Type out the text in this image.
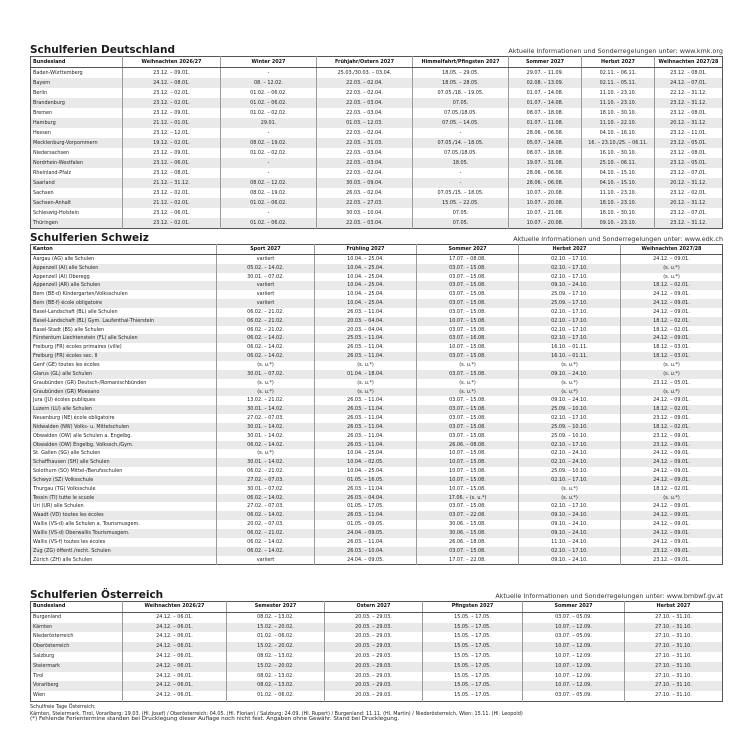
Schulferien Deutschland	Aktuelle Informationen und Sonderregelungen unter: www.kmk.org
Bundesland	Weihnachten 2026/27	Winter 2027	Frühjahr/Ostern 2027	Himmelfahrt/Pfingsten 2027	Sommer 2027	Herbst 2027	Weihnachten 2027/28
Baden-Württemberg	23.12. – 09.01.	-	25.03./30.03. – 03.04.	18.05. – 29.05.	29.07. – 11.09.	02.11. – 06.11.	23.12. – 08.01.
Bayern	24.12. – 08.01.	08. – 12.02.	22.03. – 02.04.	18.05. – 28.05.	02.08. – 13.09.	02.11. – 05.11.	24.12. – 07.01.
Berlin	23.12. – 02.01.	01.02. – 06.02.	22.03. – 02.04.	07.05./18. – 19.05.	01.07. – 14.08.	11.10. – 23.10.	22.12. – 31.12.
Brandenburg	23.12. – 02.01.	01.02. – 06.02.	22.03. – 03.04.	07.05.	01.07. – 14.08.	11.10. – 23.10.	23.12. – 31.12.
Bremen	23.12. – 09.01.	01.02. – 02.02.	22.03. – 03.04.	07.05./18.05.	08.07. – 18.08.	18.10. – 30.10.	23.12. – 08.01.
Hamburg	21.12. – 01.01.	29.01.	01.03. – 12.03.	07.05. – 14.05.	01.07. – 11.08.	11.10. – 22.10.	20.12. – 31.12.
Hessen	23.12. – 12.01.	-	22.03. – 02.04.	-	28.06. – 06.08.	04.10. – 16.10.	23.12. – 11.01.
Mecklenburg-Vorpommern	19.12. – 02.01.	08.02. – 19.02.	22.03. – 31.03.	07.05./14. – 18.05.	05.07. – 14.08.	16. – 23.10./25. – 06.11.	23.12. – 05.01.
Niedersachsen	23.12. – 09.01.	01.02. – 02.02.	22.03. – 03.04.	07.05./18.05.	08.07. – 18.08.	16.10. – 30.10.	23.12. – 08.01.
Nordrhein-Westfalen	23.12. – 06.01.	-	22.03. – 03.04.	18.05.	19.07. – 31.08.	25.10. – 06.11.	23.12. – 05.01.
Rheinland-Pfalz	23.12. – 08.01.	-	22.03. – 02.04.	-	28.06. – 06.08.	04.10. – 15.10.	23.12. – 07.01.
Saarland	21.12. – 31.12.	08.02. – 12.02.	30.03. – 09.04.	-	28.06. – 06.08.	04.10. – 15.10.	20.12. – 31.12.
Sachsen	23.12. – 02.01.	08.02. – 19.02.	26.03. – 02.04.	07.05./15. – 18.05.	10.07. – 20.08.	11.10. – 23.10.	23.12. – 02.01.
Sachsen-Anhalt	21.12. – 02.01.	01.02. – 06.02.	22.03. – 27.03.	15.05. – 22.05.	10.07. – 20.08.	18.10. – 23.10.	20.12. – 31.12.
Schleswig-Holstein	23.12. – 06.01.	-	30.03. – 10.04.	07.05.	10.07. – 21.08.	18.10. – 30.10.	23.12. – 07.01.
Thüringen	23.12. – 02.01.	01.02. – 06.02.	22.03. – 03.04.	07.05.	10.07. – 20.08.	09.10. – 23.10.	23.12. – 31.12.
Schulferien Schweiz	Aktuelle Informationen und Sonderregelungen unter: www.edk.ch
Kanton	Sport 2027	Frühling 2027	Sommer 2027	Herbst 2027	Weihnachten 2027/28
Aargau (AG) alle Schulen	variiert	10.04. – 25.04.	17.07. – 08.08.	02.10. – 17.10.	24.12. – 09.01.
Appenzell (AI) alle Schulen	05.02. – 14.02.	10.04. – 25.04.	03.07. – 15.08.	02.10. – 17.10.	(s. u.*)
Appenzell (AI) Oberegg	30.01. – 07.02.	10.04. – 25.04.	03.07. – 15.08.	02.10. – 17.10.	(s. u.*)
Appenzell (AR) alle Schulen	variiert	10.04. – 25.04.	03.07. – 15.08.	09.10. – 24.10.	18.12. – 02.01.
Bern (BE-d) Kindergarten/Volksschulen	variiert	10.04. – 25.04.	03.07. – 15.08.	25.09. – 17.10.	24.12. – 09.01.
Bern (BE-f) école obligatoire	variiert	10.04. – 25.04.	03.07. – 15.08.	25.09. – 17.10.	24.12. – 09.01.
Basel-Landschaft (BL) alle Schulen	06.02. – 21.02.	26.03. – 11.04.	03.07. – 15.08.	02.10. – 17.10.	24.12. – 09.01.
Basel-Landschaft (BL) Gym. Laufenthal-Thierstein	06.02. – 21.02.	20.03. – 04.04.	10.07. – 15.08.	02.10. – 17.10.	18.12. – 02.01.
Basel-Stadt (BS) alle Schulen	06.02. – 21.02.	20.03. – 04.04.	03.07. – 15.08.	02.10. – 17.10.	18.12. – 02.01.
Fürstentum Liechtenstein (FL) alle Schulen	06.02. – 14.02.	25.03. – 11.04.	03.07. – 16.08.	02.10. – 17.10.	24.12. – 09.01.
Freiburg (FR) écoles primaires (ville)	06.02. – 14.02.	26.03. – 11.04.	10.07. – 15.08.	16.10. – 01.11.	18.12. – 03.01.
Freiburg (FR) écoles sec. II	06.02. – 14.02.	26.03. – 11.04.	03.07. – 15.08.	16.10. – 01.11.	18.12. – 03.01.
Genf (GE) toutes les écoles	(s. u.*)	(s. u.*)	(s. u.*)	(s. u.*)	(s. u.*)
Glarus (GL) alle Schulen	30.01. – 07.02.	01.04. – 18.04.	03.07. – 15.08.	09.10. – 24.10.	(s. u.*)
Graubünden (GR) Deutsch-/Romanischbünden	(s. u.*)	(s. u.*)	(s. u.*)	(s. u.*)	23.12. – 05.01.
Graubünden (GR) Moesano	(s. u.*)	(s. u.*)	(s. u.*)	(s. u.*)	(s. u.*)
Jura (JU) écoles publiques	13.02. – 21.02.	26.03. – 11.04.	03.07. – 15.08.	09.10. – 24.10.	24.12. – 09.01.
Luzern (LU) alle Schulen	30.01. – 14.02.	26.03. – 11.04.	03.07. – 15.08.	25.09. – 10.10.	18.12. – 02.01.
Neuenburg (NE) école obligatoire	27.02. – 07.03.	26.03. – 11.04.	03.07. – 15.08.	02.10. – 17.10.	23.12. – 09.01.
Nidwalden (NW) Volks- u. Mittelschulen	30.01. – 14.02.	26.03. – 11.04.	03.07. – 15.08.	25.09. – 10.10.	18.12. – 02.01.
Obwalden (OW) alle Schulen a. Engelbg.	30.01. – 14.02.	26.03. – 11.04.	03.07. – 15.08.	25.09. – 10.10.	23.12. – 09.01.
Obwalden (OW) Engelbg. Volkssch./Gym.	06.02. – 14.02.	26.03. – 11.04.	26.06. – 08.08.	02.10. – 17.10.	23.12. – 09.01.
St. Gallen (SG) alle Schulen	(s. u.*)	10.04. – 25.04.	10.07. – 15.08.	02.10. – 24.10.	24.12. – 09.01.
Schaffhausen (SH) alle Schulen	30.01. – 14.02.	10.04. – 02.05.	10.07. – 15.08.	02.10. – 24.10.	24.12. – 09.01.
Solothurn (SO) Mittel-/Berufsschulen	06.02. – 21.02.	10.04. – 25.04.	10.07. – 15.08.	25.09. – 10.10.	24.12. – 09.01.
Schwyz (SZ) Volksschule	27.02. – 07.03.	01.05. – 16.05.	10.07. – 15.08.	02.10. – 17.10.	24.12. – 09.01.
Thurgau (TG) Volksschule	30.01. – 07.02.	26.03. – 11.04.	10.07. – 15.08.	(s. u.*)	18.12. – 02.01.
Tessin (TI) tutte le scuole	06.02. – 14.02.	26.03. – 04.04.	17.06. – (s. u.*)	(s. u.*)	(s. u.*)
Uri (UR) alle Schulen	27.02. – 07.03.	01.05. – 17.05.	03.07. – 15.08.	02.10. – 17.10.	24.12. – 09.01.
Waadt (VD) toutes les écoles	06.02. – 14.02.	26.03. – 11.04.	03.07. – 22.08.	09.10. – 24.10.	24.12. – 09.01.
Wallis (VS-d) alle Schulen a. Tourismusgem.	20.02. – 07.03.	01.05. – 09.05.	30.06. – 15.08.	09.10. – 24.10.	24.12. – 09.01.
Wallis (VS-d) Oberwallis Tourismusgem.	06.02. – 21.02.	24.04. – 09.05.	30.06. – 15.08.	09.10. – 24.10.	24.12. – 09.01.
Wallis (VS-f) toutes les écoles	06.02. – 14.02.	26.03. – 11.04.	26.06. – 18.08.	11.10. – 24.10.	24.12. – 09.01.
Zug (ZG) öffentl./recht. Schulen	06.02. – 14.02.	26.03. – 10.04.	03.07. – 15.08.	02.10. – 17.10.	23.12. – 09.01.
Zürich (ZH) alle Schulen	variiert	24.04. – 09.05.	17.07. – 22.08.	09.10. – 24.10.	23.12. – 09.01.
Schulferien Österreich	Aktuelle Informationen und Sonderregelungen unter: www.bmbwf.gv.at
Bundesland	Weihnachten 2026/27	Semester 2027	Ostern 2027	Pfingsten 2027	Sommer 2027	Herbst 2027
Burgenland	24.12. – 06.01.	08.02. – 13.02.	20.03. – 29.03.	15.05. – 17.05.	03.07. – 05.09.	27.10. – 31.10.
Kärnten	24.12. – 06.01.	15.02. – 20.02.	20.03. – 29.03.	15.05. – 17.05.	10.07. – 12.09.	27.10. – 31.10.
Niederösterreich	24.12. – 06.01.	01.02. – 06.02.	20.03. – 29.03.	15.05. – 17.05.	03.07. – 05.09.	27.10. – 31.10.
Oberösterreich	24.12. – 06.01.	15.02. – 20.02.	20.03. – 29.03.	15.05. – 17.05.	10.07. – 12.09.	27.10. – 31.10.
Salzburg	24.12. – 06.01.	08.02. – 13.02.	20.03. – 29.03.	15.05. – 17.05.	10.07. – 12.09.	27.10. – 31.10.
Steiermark	24.12. – 06.01.	15.02. – 20.02.	20.03. – 29.03.	15.05. – 17.05.	10.07. – 12.09.	27.10. – 31.10.
Tirol	24.12. – 06.01.	08.02. – 13.02.	20.03. – 29.03.	15.05. – 17.05.	10.07. – 12.09.	27.10. – 31.10.
Vorarlberg	24.12. – 06.01.	08.02. – 13.02.	20.03. – 29.03.	15.05. – 17.05.	10.07. – 12.09.	27.10. – 31.10.
Wien	24.12. – 06.01.	01.02. – 06.02.	20.03. – 29.03.	15.05. – 17.05.	03.07. – 05.09.	27.10. – 31.10.
Schulfreie Tage Österreich:
Kärnten, Steiermark, Tirol, Vorarlberg: 19.03. (Hl. Josef) / Oberösterreich: 04.05. (Hl. Florian) / Salzburg: 24.09. (Hl. Rupert) / Burgenland: 11.11. (Hl. Martin) / Niederösterreich, Wien: 15.11. (Hl. Leopold)
(*) Fehlende Ferientermine standen bei Drucklegung dieser Auflage noch nicht fest. Angaben ohne Gewähr. Stand bei Drucklegung.
